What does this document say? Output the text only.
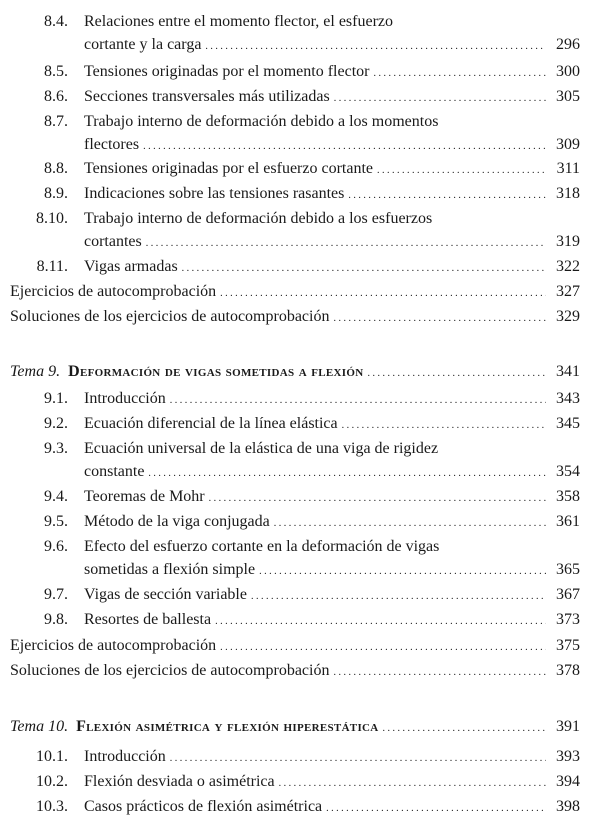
8.4. Relaciones entre el momento flector, el esfuerzo
cortante y la carga . . .	296
8.5. Tensiones originadas por el momento flector . . .	300
8.6. Secciones transversales más utilizadas . . .	305
8.7. Trabajo interno de deformación debido a los momentos
flectores . . .	309
8.8. Tensiones originadas por el esfuerzo cortante . . .	311
8.9. Indicaciones sobre las tensiones rasantes . . .	318
8.10. Trabajo interno de deformación debido a los esfuerzos
cortantes . . .	319
8.11. Vigas armadas . . .	322
Ejercicios de autocomprobación . . .	327
Soluciones de los ejercicios de autocomprobación . . .	329
Tema 9. Deformación de vigas sometidas a flexión . . .	341
9.1. Introducción . . .	343
9.2. Ecuación diferencial de la línea elástica . . .	345
9.3. Ecuación universal de la elástica de una viga de rigidez
constante . . .	354
9.4. Teoremas de Mohr . . .	358
9.5. Método de la viga conjugada . . .	361
9.6. Efecto del esfuerzo cortante en la deformación de vigas
sometidas a flexión simple . . .	365
9.7. Vigas de sección variable . . .	367
9.8. Resortes de ballesta . . .	373
Ejercicios de autocomprobación . . .	375
Soluciones de los ejercicios de autocomprobación . . .	378
Tema 10. Flexión asimétrica y flexión hiperestática . . .	391
10.1. Introducción . . .	393
10.2. Flexión desviada o asimétrica . . .	394
10.3. Casos prácticos de flexión asimétrica . . .	398
